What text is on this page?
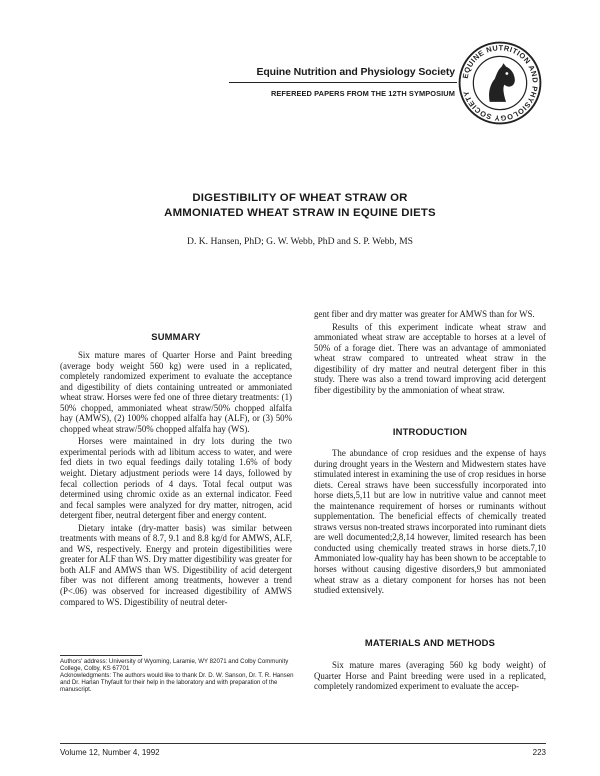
Equine Nutrition and Physiology Society
REFEREED PAPERS FROM THE 12TH SYMPOSIUM
EQUINE NUTRITION AND PHYSIOLOGY SOCIETY
DIGESTIBILITY OF WHEAT STRAW OR
AMMONIATED WHEAT STRAW IN EQUINE DIETS
D. K. Hansen, PhD; G. W. Webb, PhD and S. P. Webb, MS
SUMMARY

Six mature mares of Quarter Horse and Paint breeding (average body weight 560 kg) were used in a replicated, completely randomized experiment to evaluate the acceptance and digestibility of diets containing untreated or ammoniated wheat straw. Horses were fed one of three dietary treatments: (1) 50% chopped, ammoniated wheat straw/50% chopped alfalfa hay (AMWS), (2) 100% chopped alfalfa hay (ALF), or (3) 50% chopped wheat straw/50% chopped alfalfa hay (WS).

Horses were maintained in dry lots during the two experimental periods with ad libitum access to water, and were fed diets in two equal feedings daily totaling 1.6% of body weight. Dietary adjustment periods were 14 days, followed by fecal collection periods of 4 days. Total fecal output was determined using chromic oxide as an external indicator. Feed and fecal samples were analyzed for dry matter, nitrogen, acid detergent fiber, neutral detergent fiber and energy content.

Dietary intake (dry-matter basis) was similar between treatments with means of 8.7, 9.1 and 8.8 kg/d for AMWS, ALF, and WS, respectively. Energy and protein digestibilities were greater for ALF than WS. Dry matter digestibility was greater for both ALF and AMWS than WS. Digestibility of acid detergent fiber was not different among treatments, however a trend (P<.06) was observed for increased digestibility of AMWS compared to WS. Digestibility of neutral deter-

Authors' address: University of Wyoming, Laramie, WY 82071 and Colby Community College, Colby, KS 67701

Acknowledgments: The authors would like to thank Dr. D. W. Sanson, Dr. T. R. Hansen and Dr. Harlan Thyfault for their help in the laboratory and with preparation of the manuscript.

gent fiber and dry matter was greater for AMWS than for WS.

Results of this experiment indicate wheat straw and ammoniated wheat straw are acceptable to horses at a level of 50% of a forage diet. There was an advantage of ammoniated wheat straw compared to untreated wheat straw in the digestibility of dry matter and neutral detergent fiber in this study. There was also a trend toward improving acid detergent fiber digestibility by the ammoniation of wheat straw.

INTRODUCTION

The abundance of crop residues and the expense of hays during drought years in the Western and Midwestern states have stimulated interest in examining the use of crop residues in horse diets. Cereal straws have been successfully incorporated into horse diets,5,11 but are low in nutritive value and cannot meet the maintenance requirement of horses or ruminants without supplementation. The beneficial effects of chemically treated straws versus non-treated straws incorporated into ruminant diets are well documented;2,8,14 however, limited research has been conducted using chemically treated straws in horse diets.7,10 Ammoniated low-quality hay has been shown to be acceptable to horses without causing digestive disorders,9 but ammoniated wheat straw as a dietary component for horses has not been studied extensively.

MATERIALS AND METHODS

Six mature mares (averaging 560 kg body weight) of Quarter Horse and Paint breeding were used in a replicated, completely randomized experiment to evaluate the accep-

Volume 12, Number 4, 1992	223
